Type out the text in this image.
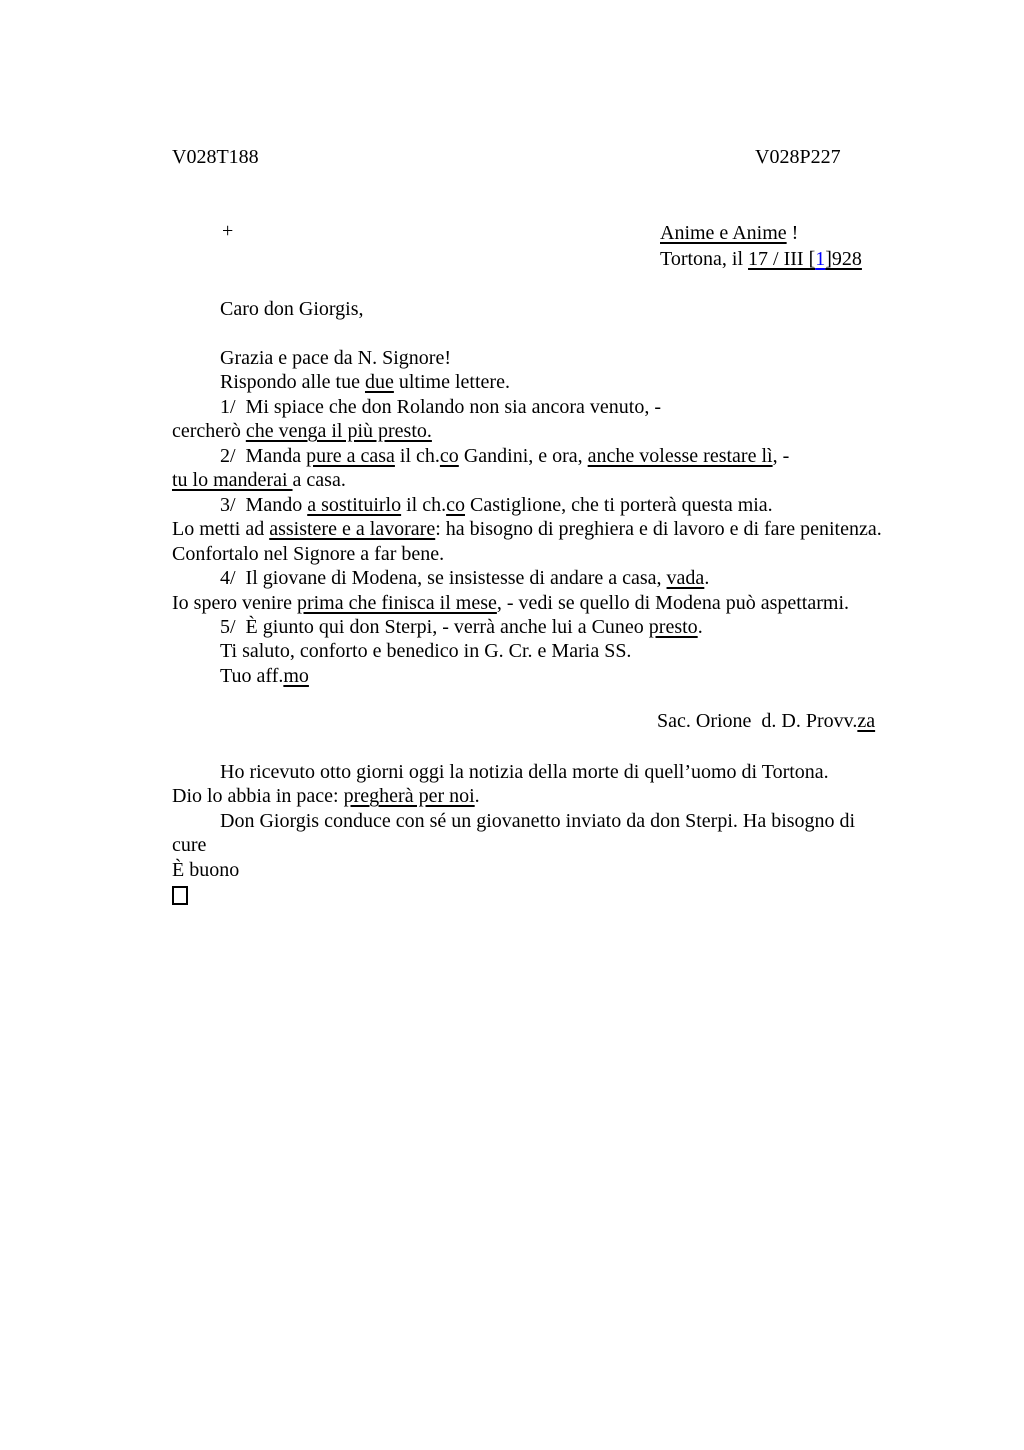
V028T188	V028P227
+	Anime e Anime !
Tortona, il 17 / III [1]928
Caro don Giorgis,
Grazia e pace da N. Signore!
Rispondo alle tue due ultime lettere.
1/  Mi spiace che don Rolando non sia ancora venuto, -
cercherò che venga il più presto.
2/  Manda pure a casa il ch.co Gandini, e ora, anche volesse restare lì, -
tu lo manderai a casa.
3/  Mando a sostituirlo il ch.co Castiglione, che ti porterà questa mia.
Lo metti ad assistere e a lavorare: ha bisogno di preghiera e di lavoro e di fare penitenza.
Confortalo nel Signore a far bene.
4/  Il giovane di Modena, se insistesse di andare a casa, vada.
Io spero venire prima che finisca il mese, - vedi se quello di Modena può aspettarmi.
5/  È giunto qui don Sterpi, - verrà anche lui a Cuneo presto.
Ti saluto, conforto e benedico in G. Cr. e Maria SS.
Tuo aff.mo
Sac. Orione  d. D. Provv.za
Ho ricevuto otto giorni oggi la notizia della morte di quell’uomo di Tortona.
Dio lo abbia in pace: pregherà per noi.
Don Giorgis conduce con sé un giovanetto inviato da don Sterpi. Ha bisogno di
cure
È buono
